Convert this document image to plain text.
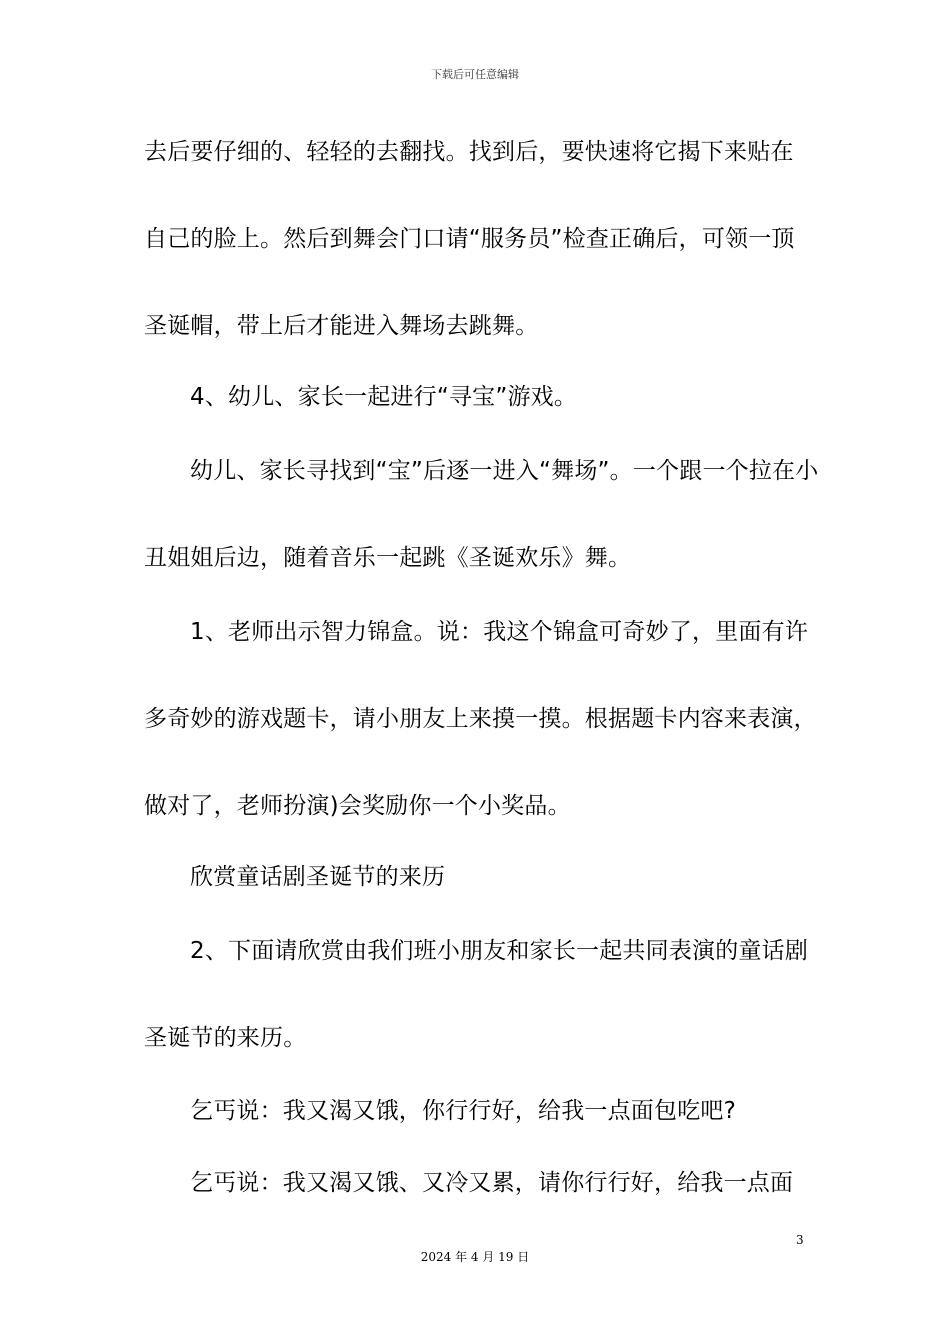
下载后可任意编辑
去后要仔细的、轻轻的去翻找。找到后，要快速将它揭下来贴在
自己的脸上。然后到舞会门口请“服务员”检查正确后，可领一顶
圣诞帽，带上后才能进入舞场去跳舞。
4、幼儿、家长一起进行“寻宝”游戏。
幼儿、家长寻找到“宝”后逐一进入“舞场”。一个跟一个拉在小
丑姐姐后边，随着音乐一起跳《圣诞欢乐》舞。
1、老师出示智力锦盒。说：我这个锦盒可奇妙了，里面有许
多奇妙的游戏题卡，请小朋友上来摸一摸。根据题卡内容来表演，
做对了，老师扮演)会奖励你一个小奖品。
欣赏童话剧圣诞节的来历
2、下面请欣赏由我们班小朋友和家长一起共同表演的童话剧
圣诞节的来历。
乞丐说：我又渴又饿，你行行好，给我一点面包吃吧?
乞丐说：我又渴又饿、又冷又累，请你行行好，给我一点面
3
2024 年 4 月 19 日
